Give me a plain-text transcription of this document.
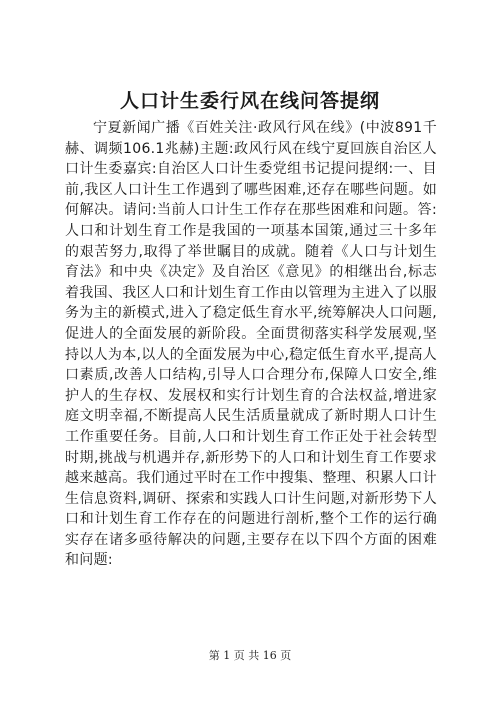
人口计生委行风在线问答提纲

宁夏新闻广播《百姓关注·政风行风在线》(中波891千赫、调频106.1兆赫)主题:政风行风在线宁夏回族自治区人口计生委嘉宾:自治区人口计生委党组书记提问提纲:一、目前,我区人口计生工作遇到了哪些困难,还存在哪些问题。如何解决。请问:当前人口计生工作存在那些困难和问题。答:人口和计划生育工作是我国的一项基本国策,通过三十多年的艰苦努力,取得了举世瞩目的成就。随着《人口与计划生育法》和中央《决定》及自治区《意见》的相继出台,标志着我国、我区人口和计划生育工作由以管理为主进入了以服务为主的新模式,进入了稳定低生育水平,统筹解决人口问题,促进人的全面发展的新阶段。全面贯彻落实科学发展观,坚持以人为本,以人的全面发展为中心,稳定低生育水平,提高人口素质,改善人口结构,引导人口合理分布,保障人口安全,维护人的生存权、发展权和实行计划生育的合法权益,增进家庭文明幸福,不断提高人民生活质量就成了新时期人口计生工作重要任务。目前,人口和计划生育工作正处于社会转型时期,挑战与机遇并存,新形势下的人口和计划生育工作要求越来越高。我们通过平时在工作中搜集、整理、积累人口计生信息资料,调研、探索和实践人口计生问题,对新形势下人口和计划生育工作存在的问题进行剖析,整个工作的运行确实存在诸多亟待解决的问题,主要存在以下四个方面的困难和问题:

第 1 页 共 16 页
